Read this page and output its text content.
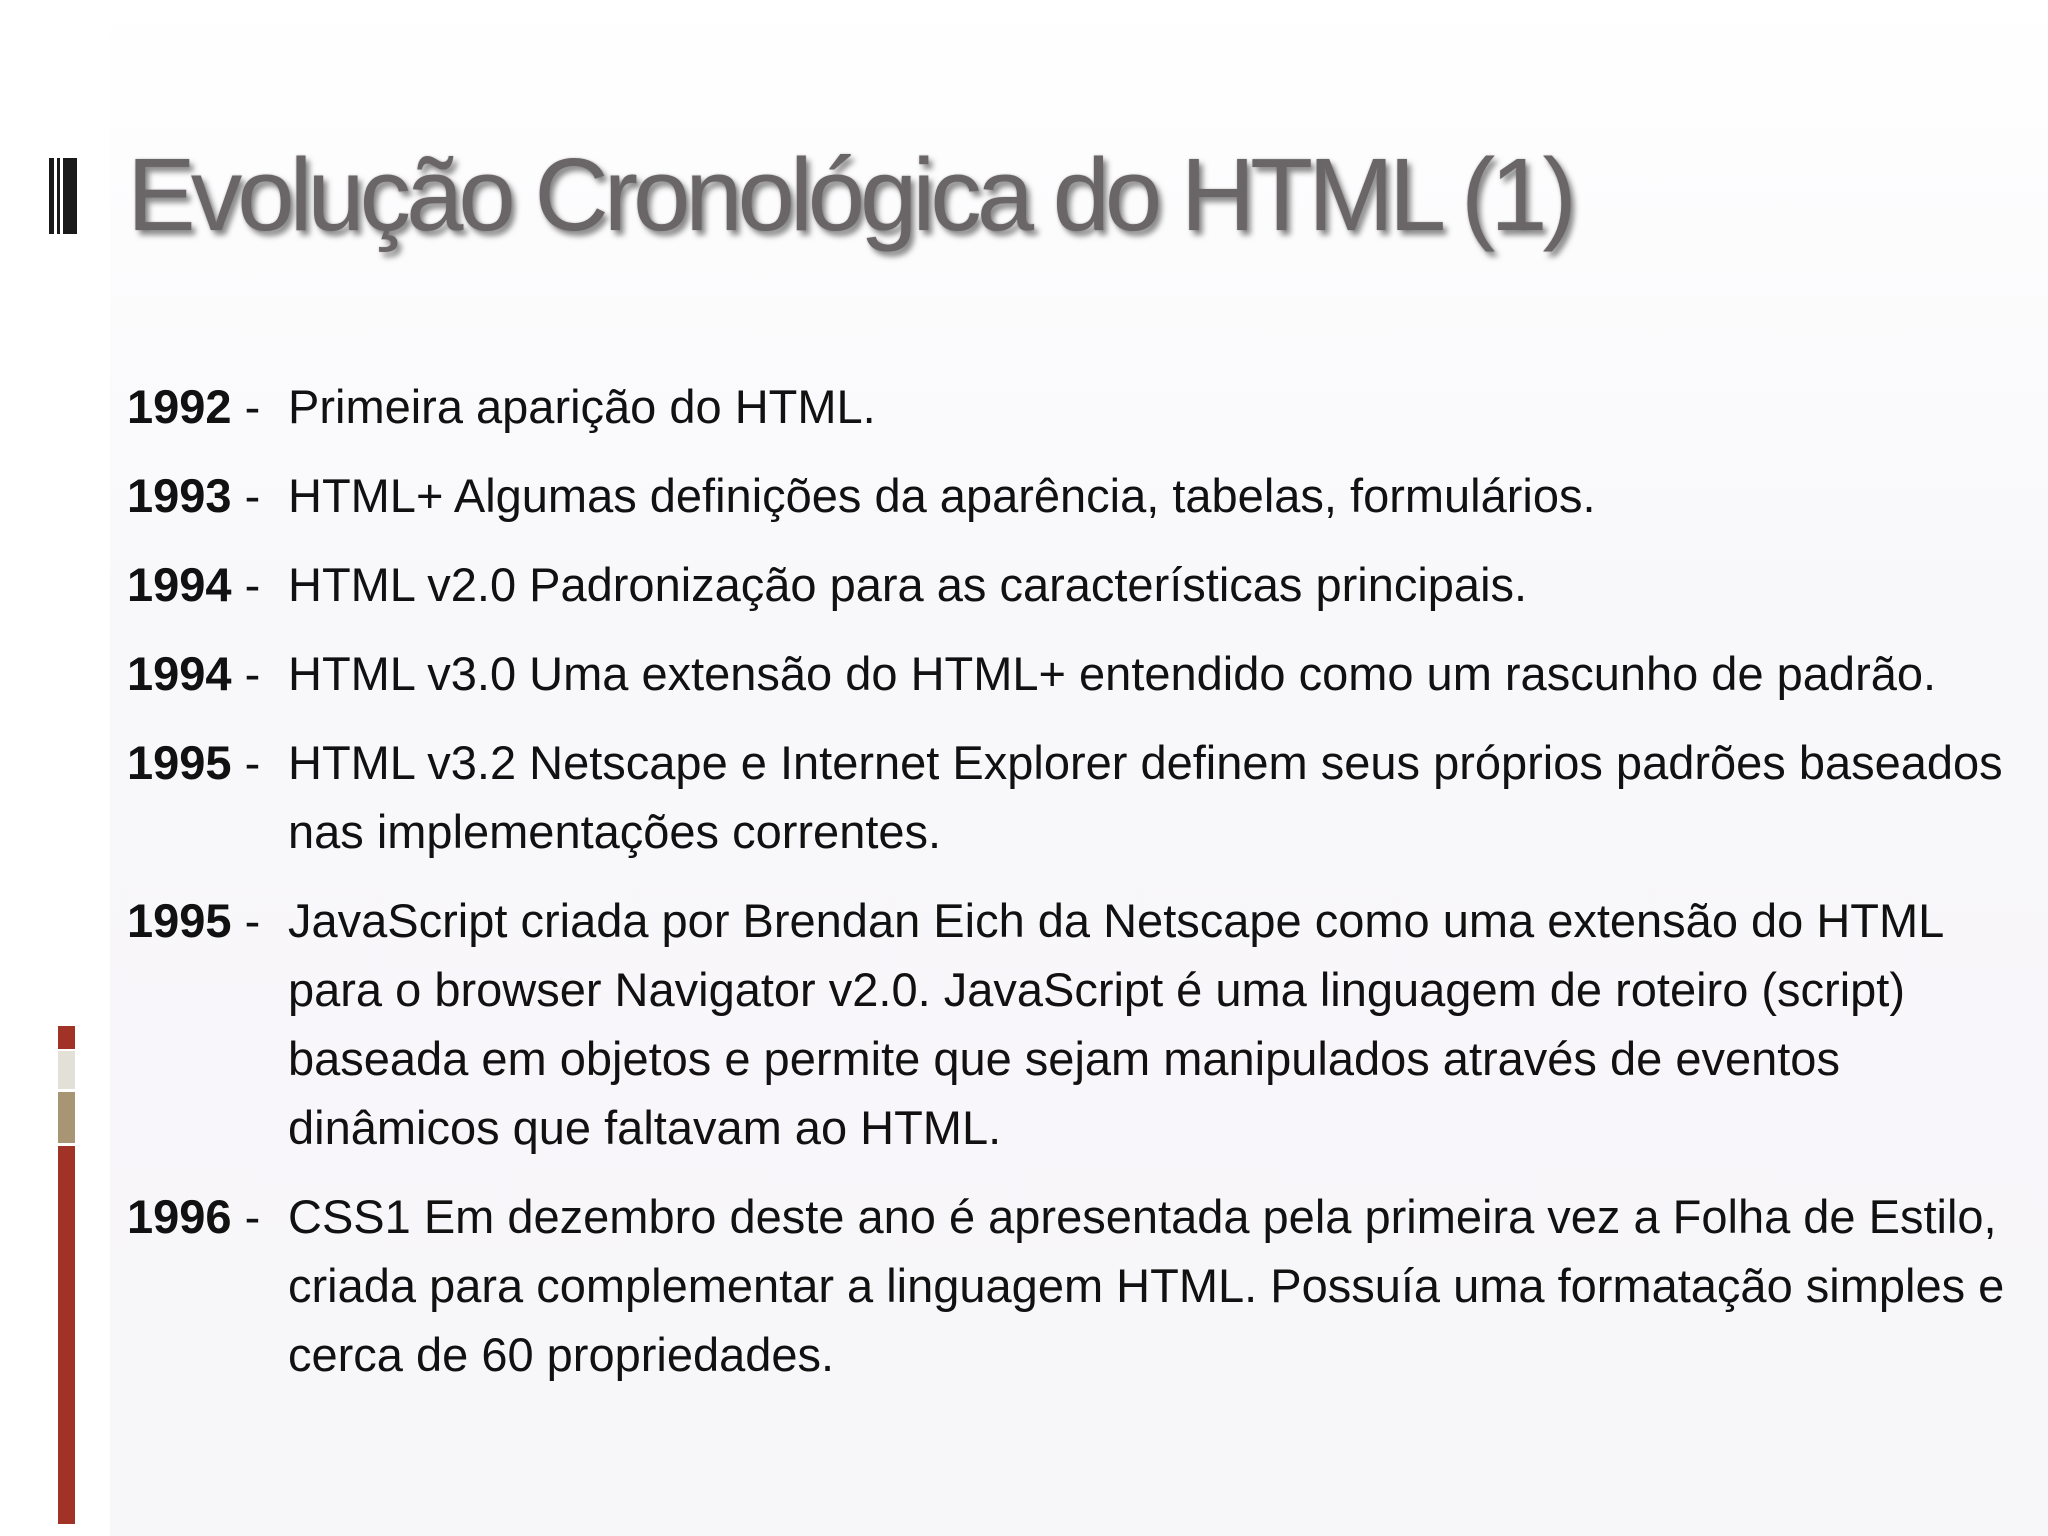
Evolução Cronológica do HTML (1)
1992 - Primeira aparição do HTML.
1993 - HTML+ Algumas definições da aparência, tabelas, formulários.
1994 - HTML v2.0 Padronização para as características principais.
1994 - HTML v3.0 Uma extensão do HTML+ entendido como um rascunho de padrão.
1995 - HTML v3.2 Netscape e Internet Explorer definem seus próprios padrões baseados nas implementações correntes.
1995 - JavaScript criada por Brendan Eich da Netscape como uma extensão do HTML para o browser Navigator v2.0. JavaScript é uma linguagem de roteiro (script) baseada em objetos e permite que sejam manipulados através de eventos dinâmicos que faltavam ao HTML.
1996 - CSS1 Em dezembro deste ano é apresentada pela primeira vez a Folha de Estilo, criada para complementar a linguagem HTML. Possuía uma formatação simples e cerca de 60 propriedades.
